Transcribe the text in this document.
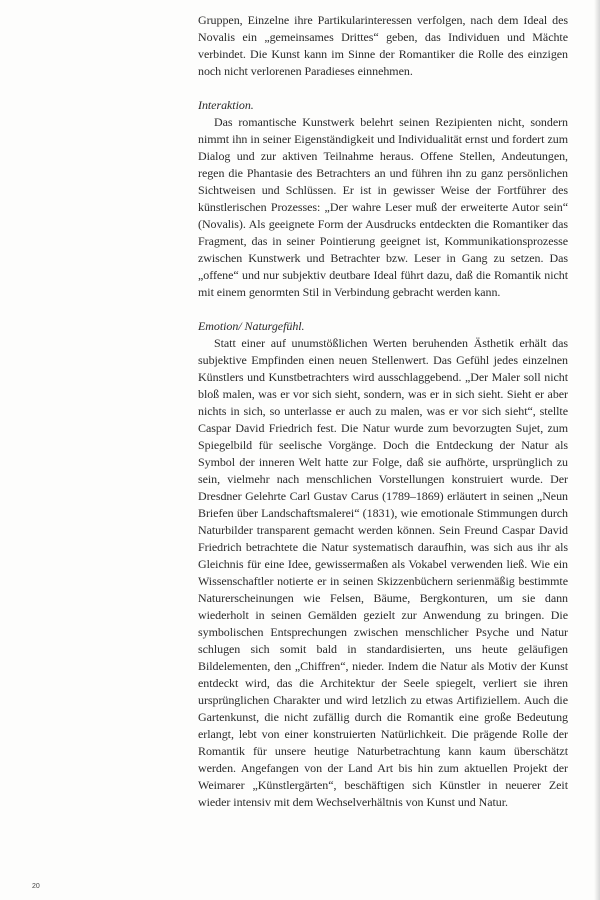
Gruppen, Einzelne ihre Partikularinteressen verfolgen, nach dem Ideal des Novalis ein „gemeinsames Drittes“ geben, das Individuen und Mächte verbindet. Die Kunst kann im Sinne der Romantiker die Rolle des einzigen noch nicht verlorenen Paradieses einnehmen.

Interaktion.

Das romantische Kunstwerk belehrt seinen Rezipienten nicht, sondern nimmt ihn in seiner Eigenständigkeit und Individualität ernst und fordert zum Dialog und zur aktiven Teilnahme heraus. Offene Stellen, Andeutungen, regen die Phantasie des Betrachters an und führen ihn zu ganz persönlichen Sichtweisen und Schlüssen. Er ist in gewisser Weise der Fortführer des künstlerischen Prozesses: „Der wahre Leser muß der erweiterte Autor sein“ (Novalis). Als geeignete Form der Ausdrucks entdeckten die Romantiker das Fragment, das in seiner Pointierung geeignet ist, Kommunikationsprozesse zwischen Kunstwerk und Betrachter bzw. Leser in Gang zu setzen. Das „offene“ und nur subjektiv deutbare Ideal führt dazu, daß die Romantik nicht mit einem genormten Stil in Verbindung gebracht werden kann.

Emotion/ Naturgefühl.

Statt einer auf unumstößlichen Werten beruhenden Ästhetik erhält das subjektive Empfinden einen neuen Stellenwert. Das Gefühl jedes einzelnen Künstlers und Kunstbetrachters wird ausschlaggebend. „Der Maler soll nicht bloß malen, was er vor sich sieht, sondern, was er in sich sieht. Sieht er aber nichts in sich, so unterlasse er auch zu malen, was er vor sich sieht“, stellte Caspar David Friedrich fest. Die Natur wurde zum bevorzugten Sujet, zum Spiegelbild für seelische Vorgänge. Doch die Entdeckung der Natur als Symbol der inneren Welt hatte zur Folge, daß sie aufhörte, ursprünglich zu sein, vielmehr nach menschlichen Vorstellungen konstruiert wurde. Der Dresdner Gelehrte Carl Gustav Carus (1789–1869) erläutert in seinen „Neun Briefen über Landschaftsmalerei“ (1831), wie emotionale Stimmungen durch Naturbilder transparent gemacht werden können. Sein Freund Caspar David Friedrich betrachtete die Natur systematisch daraufhin, was sich aus ihr als Gleichnis für eine Idee, gewissermaßen als Vokabel verwenden ließ. Wie ein Wissenschaftler notierte er in seinen Skizzenbüchern serienmäßig bestimmte Naturerscheinungen wie Felsen, Bäume, Bergkonturen, um sie dann wiederholt in seinen Gemälden gezielt zur Anwendung zu bringen. Die symbolischen Entsprechungen zwischen menschlicher Psyche und Natur schlugen sich somit bald in standardisierten, uns heute geläufigen Bildelementen, den „Chiffren“, nieder. Indem die Natur als Motiv der Kunst entdeckt wird, das die Architektur der Seele spiegelt, verliert sie ihren ursprünglichen Charakter und wird letzlich zu etwas Artifiziellem. Auch die Gartenkunst, die nicht zufällig durch die Romantik eine große Bedeutung erlangt, lebt von einer konstruierten Natürlichkeit. Die prägende Rolle der Romantik für unsere heutige Naturbetrachtung kann kaum überschätzt werden. Angefangen von der Land Art bis hin zum aktuellen Projekt der Weimarer „Künstlergärten“, beschäftigen sich Künstler in neuerer Zeit wieder intensiv mit dem Wechselverhältnis von Kunst und Natur.

20
